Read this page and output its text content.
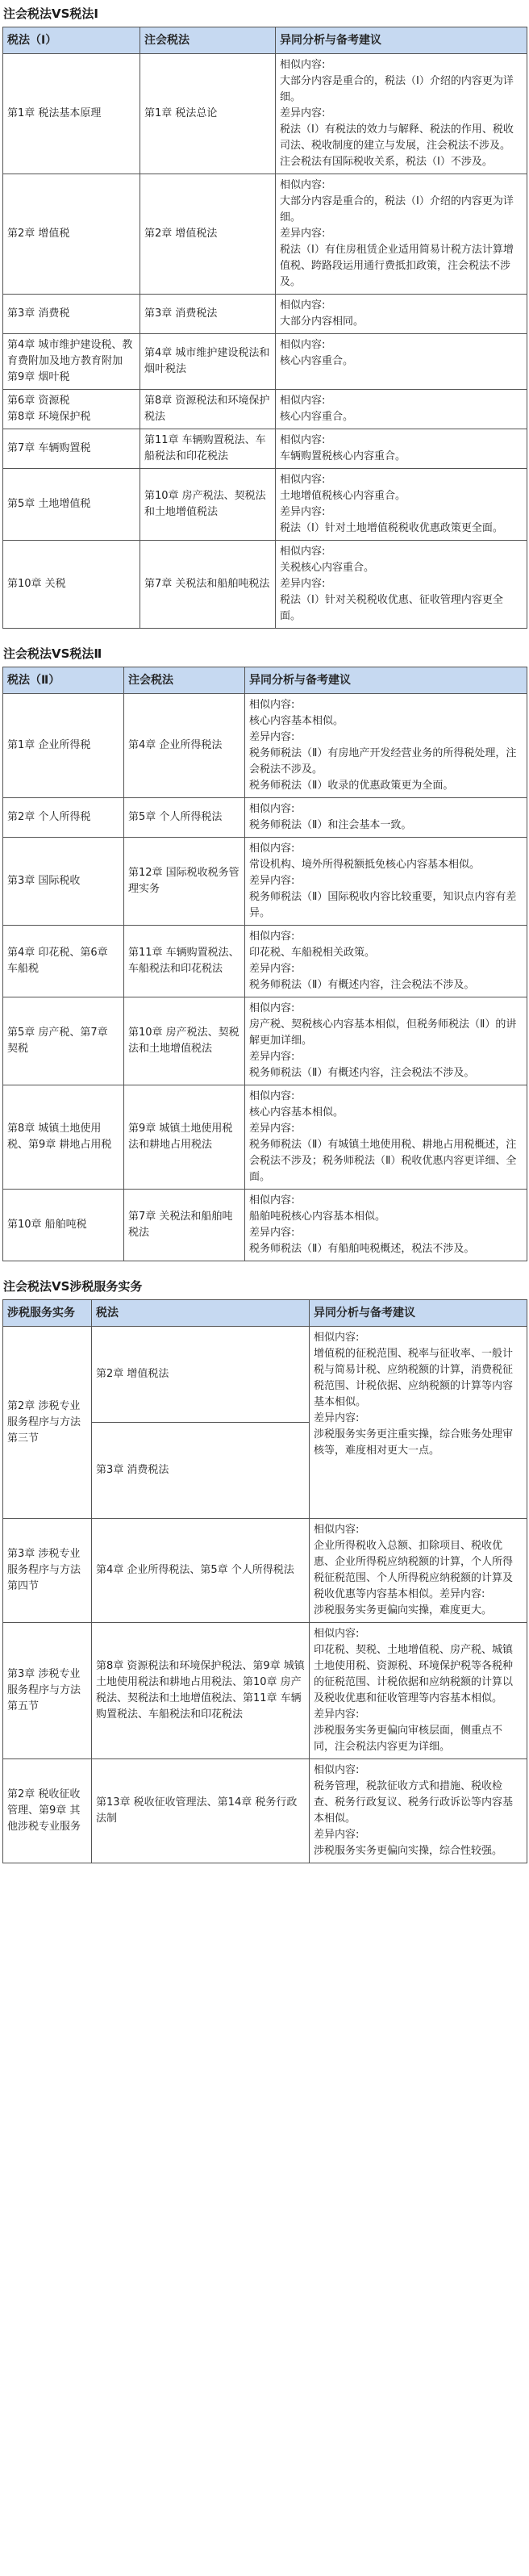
注会税法VS税法Ⅰ
税法（Ⅰ）	注会税法	异同分析与备考建议
第1章 税法基本原理	第1章 税法总论	相似内容:
大部分内容是重合的，税法（Ⅰ）介绍的内容更为详细。
差异内容:
税法（Ⅰ）有税法的效力与解释、税法的作用、税收司法、税收制度的建立与发展，注会税法不涉及。
注会税法有国际税收关系，税法（Ⅰ）不涉及。

第2章 增值税	第2章 增值税法	相似内容:
大部分内容是重合的，税法（Ⅰ）介绍的内容更为详细。
差异内容:
税法（Ⅰ）有住房租赁企业适用简易计税方法计算增值税、跨路段运用通行费抵扣政策，注会税法不涉及。

第3章 消费税	第3章 消费税法	相似内容:
大部分内容相同。

第4章 城市维护建设税、教育费附加及地方教育附加
第9章 烟叶税	第4章 城市维护建设税法和烟叶税法	相似内容:
核心内容重合。

第6章 资源税
第8章 环境保护税	第8章 资源税法和环境保护税法	相似内容:
核心内容重合。

第7章 车辆购置税	第11章 车辆购置税法、车船税法和印花税法	相似内容:
车辆购置税核心内容重合。

第5章 土地增值税	第10章 房产税法、契税法和土地增值税法	相似内容:
土地增值税核心内容重合。
差异内容:
税法（Ⅰ）针对土地增值税税收优惠政策更全面。

第10章 关税	第7章 关税法和船舶吨税法	相似内容:
关税核心内容重合。
差异内容:
税法（Ⅰ）针对关税税收优惠、征收管理内容更全面。
注会税法VS税法Ⅱ
税法（Ⅱ）	注会税法	异同分析与备考建议
第1章 企业所得税	第4章 企业所得税法	相似内容:
核心内容基本相似。
差异内容:
税务师税法（Ⅱ）有房地产开发经营业务的所得税处理，注会税法不涉及。
税务师税法（Ⅱ）收录的优惠政策更为全面。

第2章 个人所得税	第5章 个人所得税法	相似内容:
税务师税法（Ⅱ）和注会基本一致。

第3章 国际税收	第12章 国际税收税务管理实务	相似内容:
常设机构、境外所得税额抵免核心内容基本相似。
差异内容:
税务师税法（Ⅱ）国际税收内容比较重要，知识点内容有差异。

第4章 印花税、第6章 车船税	第11章 车辆购置税法、车船税法和印花税法	相似内容:
印花税、车船税相关政策。
差异内容:
税务师税法（Ⅱ）有概述内容，注会税法不涉及。

第5章 房产税、第7章 契税	第10章 房产税法、契税法和土地增值税法	相似内容:
房产税、契税核心内容基本相似，但税务师税法（Ⅱ）的讲解更加详细。
差异内容:
税务师税法（Ⅱ）有概述内容，注会税法不涉及。

第8章 城镇土地使用税、第9章 耕地占用税	第9章 城镇土地使用税法和耕地占用税法	相似内容:
核心内容基本相似。
差异内容:
税务师税法（Ⅱ）有城镇土地使用税、耕地占用税概述，注会税法不涉及；税务师税法（Ⅱ）税收优惠内容更详细、全面。

第10章 船舶吨税	第7章 关税法和船舶吨税法	相似内容:
船舶吨税核心内容基本相似。
差异内容:
税务师税法（Ⅱ）有船舶吨税概述，税法不涉及。
注会税法VS涉税服务实务
涉税服务实务	税法	异同分析与备考建议
第2章 涉税专业服务程序与方法 第三节	第2章 增值税法	相似内容:
增值税的征税范围、税率与征收率、一般计税与简易计税、应纳税额的计算，消费税征税范围、计税依据、应纳税额的计算等内容基本相似。
差异内容:
涉税服务实务更注重实操，综合账务处理审核等，难度相对更大一点。

	第3章 消费税法	
第3章 涉税专业服务程序与方法 第四节	第4章 企业所得税法、第5章 个人所得税法	相似内容:
企业所得税收入总额、扣除项目、税收优惠、企业所得税应纳税额的计算，个人所得税征税范围、个人所得税应纳税额的计算及税收优惠等内容基本相似。差异内容:
涉税服务实务更偏向实操，难度更大。

第3章 涉税专业服务程序与方法 第五节	第8章 资源税法和环境保护税法、第9章 城镇土地使用税法和耕地占用税法、第10章 房产税法、契税法和土地增值税法、第11章 车辆购置税法、车船税法和印花税法	相似内容:
印花税、契税、土地增值税、房产税、城镇土地使用税、资源税、环境保护税等各税种的征税范围、计税依据和应纳税额的计算以及税收优惠和征收管理等内容基本相似。
差异内容:
涉税服务实务更偏向审核层面，侧重点不同，注会税法内容更为详细。

第2章 税收征收管理、第9章 其他涉税专业服务	第13章 税收征收管理法、第14章 税务行政法制	相似内容:
税务管理，税款征收方式和措施、税收检查、税务行政复议、税务行政诉讼等内容基本相似。
差异内容:
涉税服务实务更偏向实操，综合性较强。
